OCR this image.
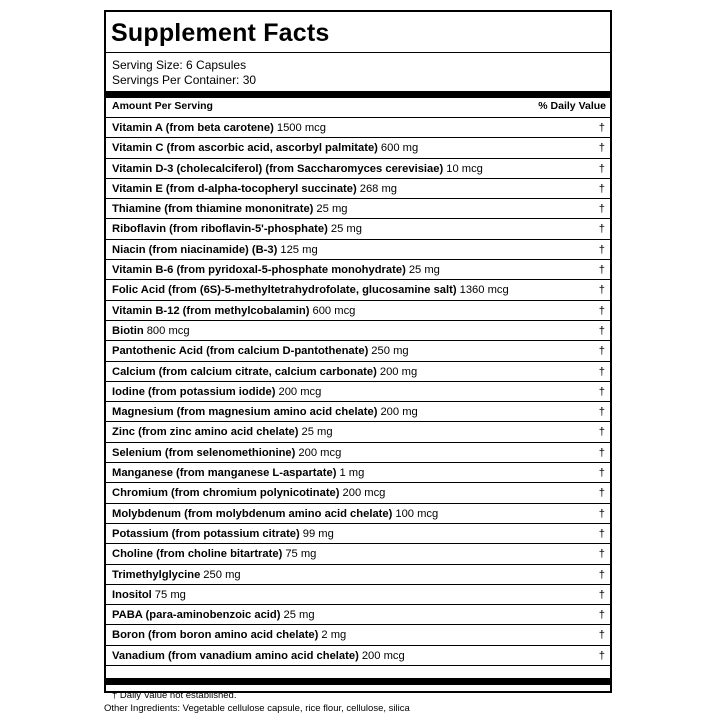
Supplement Facts
Serving Size: 6 Capsules
Servings Per Container: 30
Amount Per Serving	% Daily Value
Vitamin A (from beta carotene) 1500 mcg	†
Vitamin C (from ascorbic acid, ascorbyl palmitate) 600 mg	†
Vitamin D-3 (cholecalciferol) (from Saccharomyces cerevisiae) 10 mcg	†
Vitamin E (from d-alpha-tocopheryl succinate) 268 mg	†
Thiamine (from thiamine mononitrate) 25 mg	†
Riboflavin (from riboflavin-5'-phosphate) 25 mg	†
Niacin (from niacinamide) (B-3) 125 mg	†
Vitamin B-6 (from pyridoxal-5-phosphate monohydrate) 25 mg	†
Folic Acid (from (6S)-5-methyltetrahydrofolate, glucosamine salt) 1360 mcg	†
Vitamin B-12 (from methylcobalamin) 600 mcg	†
Biotin 800 mcg	†
Pantothenic Acid (from calcium D-pantothenate) 250 mg	†
Calcium (from calcium citrate, calcium carbonate) 200 mg	†
Iodine (from potassium iodide) 200 mcg	†
Magnesium (from magnesium amino acid chelate) 200 mg	†
Zinc (from zinc amino acid chelate) 25 mg	†
Selenium (from selenomethionine) 200 mcg	†
Manganese (from manganese L-aspartate) 1 mg	†
Chromium (from chromium polynicotinate) 200 mcg	†
Molybdenum (from molybdenum amino acid chelate) 100 mcg	†
Potassium (from potassium citrate) 99 mg	†
Choline (from choline bitartrate) 75 mg	†
Trimethylglycine 250 mg	†
Inositol 75 mg	†
PABA (para-aminobenzoic acid) 25 mg	†
Boron (from boron amino acid chelate) 2 mg	†
Vanadium (from vanadium amino acid chelate) 200 mcg	†
† Daily Value not established.
Other Ingredients: Vegetable cellulose capsule, rice flour, cellulose, silica
